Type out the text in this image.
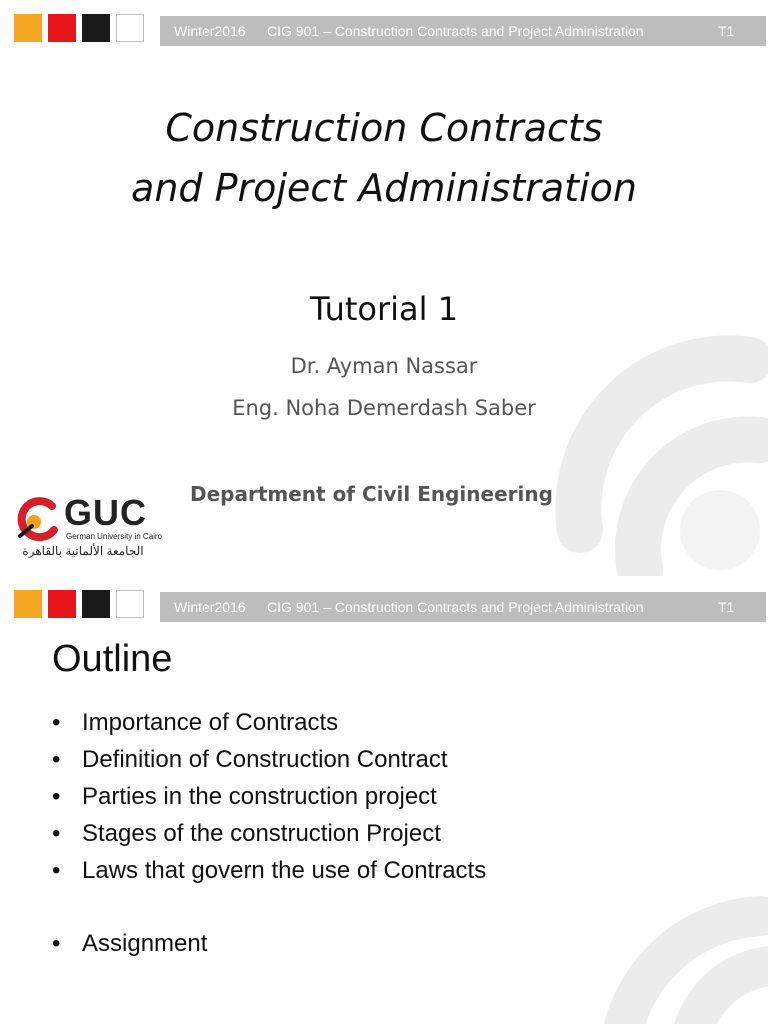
Winter2016 CIG 901 – Construction Contracts and Project Administration	T1
Construction Contracts
and Project Administration
Tutorial 1
Dr. Ayman Nassar
Eng. Noha Demerdash Saber
Department of Civil Engineering
GUC
German University in Cairo
الجامعة الألمانية بالقاهرة
Winter2016 CIG 901 – Construction Contracts and Project Administration	T1
Outline
• Importance of Contracts
• Definition of Construction Contract
• Parties in the construction project
• Stages of the construction Project
• Laws that govern the use of Contracts
• Assignment
